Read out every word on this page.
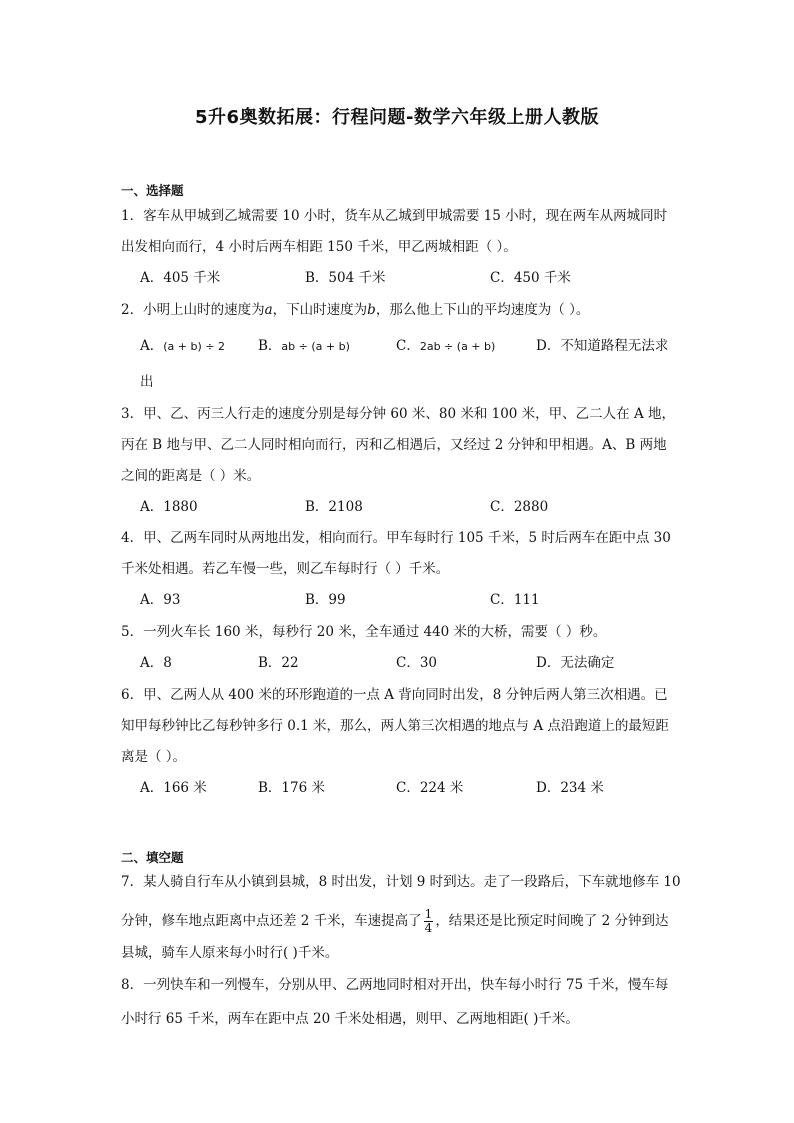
5升6奥数拓展：行程问题-数学六年级上册人教版
一、选择题
1．客车从甲城到乙城需要 10 小时，货车从乙城到甲城需要 15 小时，现在两车从两城同时
出发相向而行，4 小时后两车相距 150 千米，甲乙两城相距（ ）。
A．405 千米	B．504 千米	C．450 千米
2．小明上山时的速度为a，下山时速度为b，那么他上下山的平均速度为（ ）。
A．(a + b) ÷ 2 B．ab ÷ (a + b)	C．2ab ÷ (a + b)	D．不知道路程无法求
出
3．甲、乙、丙三人行走的速度分别是每分钟 60 米、80 米和 100 米，甲、乙二人在 A 地，
丙在 B 地与甲、乙二人同时相向而行，丙和乙相遇后，又经过 2 分钟和甲相遇。A、B 两地
之间的距离是（ ）米。
A．1880	B．2108	C．2880
4．甲、乙两车同时从两地出发，相向而行。甲车每时行 105 千米，5 时后两车在距中点 30
千米处相遇。若乙车慢一些，则乙车每时行（ ）千米。
A．93	B．99	C．111
5．一列火车长 160 米，每秒行 20 米，全车通过 440 米的大桥，需要（ ）秒。
A．8	B．22	C．30	D．无法确定
6．甲、乙两人从 400 米的环形跑道的一点 A 背向同时出发，8 分钟后两人第三次相遇。已
知甲每秒钟比乙每秒钟多行 0.1 米，那么，两人第三次相遇的地点与 A 点沿跑道上的最短距
离是（ ）。
A．166 米	B．176 米	C．224 米	D．234 米
二、填空题
7．某人骑自行车从小镇到县城，8 时出发，计划 9 时到达。走了一段路后，下车就地修车 10
分钟，修车地点距离中点还差 2 千米，车速提高了 $\frac{1}{4}$ ，结果还是比预定时间晚了 2 分钟到达
县城，骑车人原来每小时行( )千米。
8．一列快车和一列慢车，分别从甲、乙两地同时相对开出，快车每小时行 75 千米，慢车每
小时行 65 千米，两车在距中点 20 千米处相遇，则甲、乙两地相距( )千米。
